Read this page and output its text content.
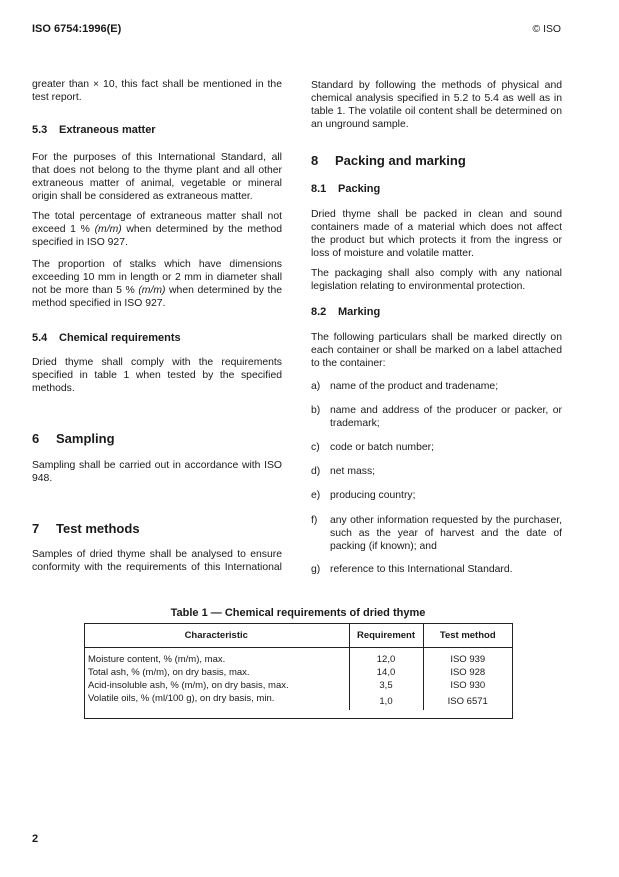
ISO 6754:1996(E)	© ISO

greater than × 10, this fact shall be mentioned in the test report.

5.3 Extraneous matter

For the purposes of this International Standard, all that does not belong to the thyme plant and all other extraneous matter of animal, vegetable or mineral origin shall be considered as extraneous matter.

The total percentage of extraneous matter shall not exceed 1 % (m/m) when determined by the method specified in ISO 927.

The proportion of stalks which have dimensions exceeding 10 mm in length or 2 mm in diameter shall not be more than 5 % (m/m) when determined by the method specified in ISO 927.

5.4 Chemical requirements

Dried thyme shall comply with the requirements specified in table 1 when tested by the specified methods.

6 Sampling

Sampling shall be carried out in accordance with ISO 948.

7 Test methods

Samples of dried thyme shall be analysed to ensure conformity with the requirements of this International

Standard by following the methods of physical and chemical analysis specified in 5.2 to 5.4 as well as in table 1. The volatile oil content shall be determined on an unground sample.

8 Packing and marking
8.1 Packing

Dried thyme shall be packed in clean and sound containers made of a material which does not affect the product but which protects it from the ingress or loss of moisture and volatile matter.

The packaging shall also comply with any national legislation relating to environmental protection.

8.2 Marking

The following particulars shall be marked directly on each container or shall be marked on a label attached to the container:

a) name of the product and tradename;
b) name and address of the producer or packer, or trademark;
c) code or batch number;
d) net mass;
e) producing country;
f)	any other information requested by the purchaser, such as the year of harvest and the date of packing (if known); and
g) reference to this International Standard.
Table 1 — Chemical requirements of dried thyme
Characteristic	Requirement	Test method
Moisture content, % (m/m), max.	12,0	ISO 939
Total ash, % (m/m), on dry basis, max.	14,0	ISO 928
Acid-insoluble ash, % (m/m), on dry basis, max.	3,5	ISO 930
Volatile oils, % (ml/100 g), on dry basis, min.	1,0	ISO 6571
2
